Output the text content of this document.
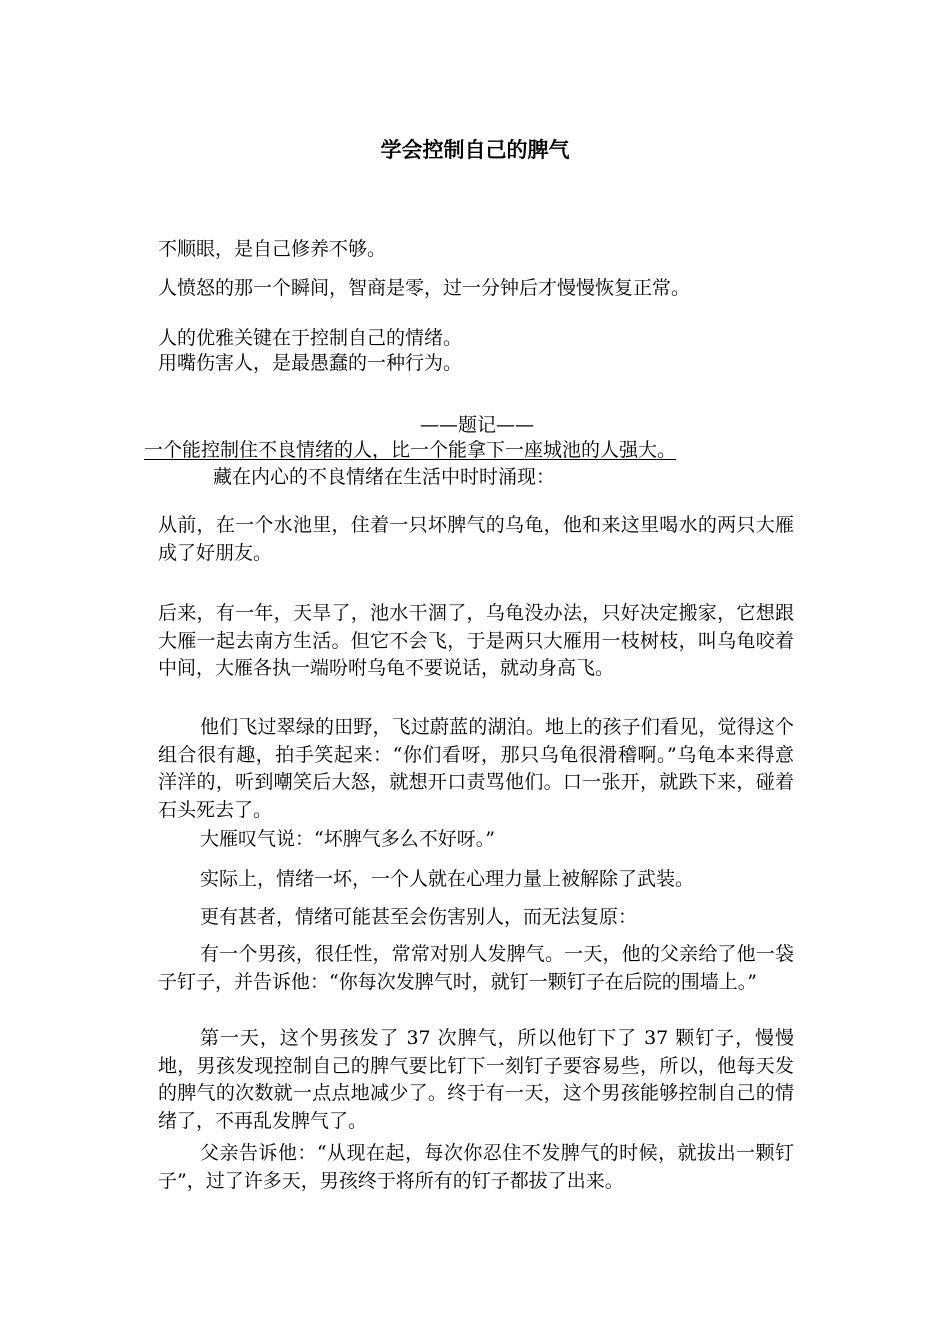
学会控制自己的脾气

不顺眼，是自己修养不够。

人愤怒的那一个瞬间，智商是零，过一分钟后才慢慢恢复正常。

人的优雅关键在于控制自己的情绪。

用嘴伤害人，是最愚蠢的一种行为。

——题记——

一个能控制住不良情绪的人，比一个能拿下一座城池的人强大。

藏在内心的不良情绪在生活中时时涌现：

从前，在一个水池里，住着一只坏脾气的乌龟，他和来这里喝水的两只大雁成了好朋友。

后来，有一年，天旱了，池水干涸了，乌龟没办法，只好决定搬家，它想跟大雁一起去南方生活。但它不会飞，于是两只大雁用一枝树枝，叫乌龟咬着中间，大雁各执一端吩咐乌龟不要说话，就动身高飞。

他们飞过翠绿的田野，飞过蔚蓝的湖泊。地上的孩子们看见，觉得这个组合很有趣，拍手笑起来：“你们看呀，那只乌龟很滑稽啊。”乌龟本来得意洋洋的，听到嘲笑后大怒，就想开口责骂他们。口一张开，就跌下来，碰着石头死去了。

大雁叹气说：“坏脾气多么不好呀。”

实际上，情绪一坏，一个人就在心理力量上被解除了武装。

更有甚者，情绪可能甚至会伤害别人，而无法复原：

有一个男孩，很任性，常常对别人发脾气。一天，他的父亲给了他一袋子钉子，并告诉他：“你每次发脾气时，就钉一颗钉子在后院的围墙上。”

第一天，这个男孩发了 37 次脾气，所以他钉下了 37 颗钉子，慢慢地，男孩发现控制自己的脾气要比钉下一刻钉子要容易些，所以，他每天发的脾气的次数就一点点地减少了。终于有一天，这个男孩能够控制自己的情绪了，不再乱发脾气了。

父亲告诉他：“从现在起，每次你忍住不发脾气的时候，就拔出一颗钉子”，过了许多天，男孩终于将所有的钉子都拔了出来。
